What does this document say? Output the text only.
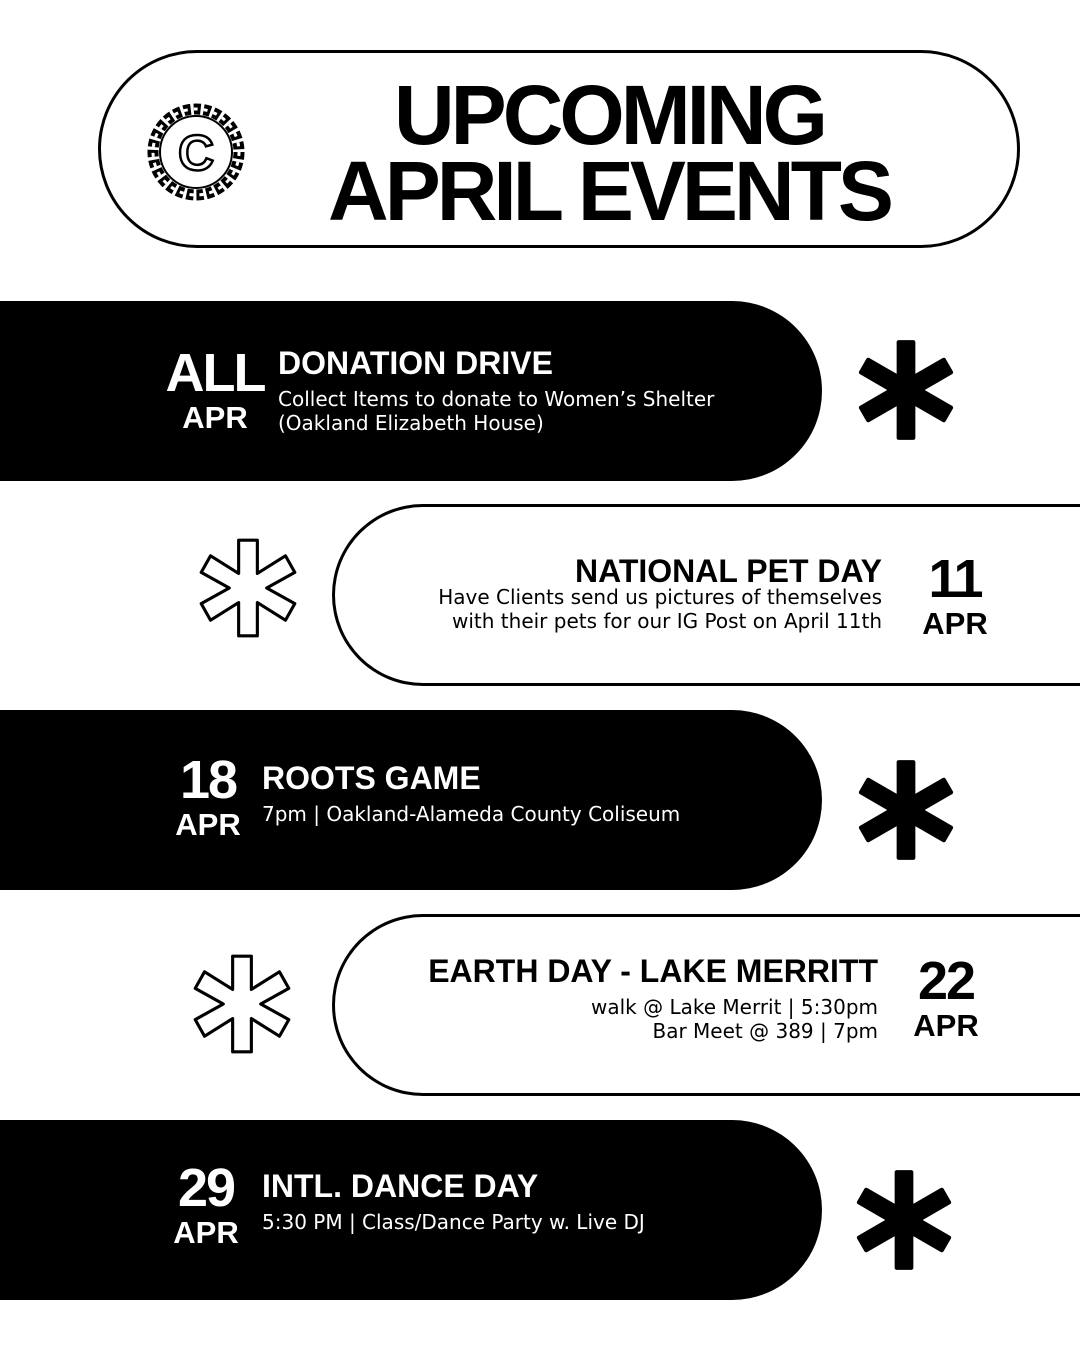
C	UPCOMING
APRIL EVENTS
ALL
APR
DONATION DRIVE
Collect Items to donate to Women’s Shelter
(Oakland Elizabeth House)
NATIONAL PET DAY
Have Clients send us pictures of themselves
with their pets for our IG Post on April 11th
11
APR
18
APR
ROOTS GAME
7pm | Oakland-Alameda County Coliseum
EARTH DAY - LAKE MERRITT
walk @ Lake Merrit | 5:30pm
Bar Meet @ 389 | 7pm
22
APR
29
APR
INTL. DANCE DAY
5:30 PM | Class/Dance Party w. Live DJ
